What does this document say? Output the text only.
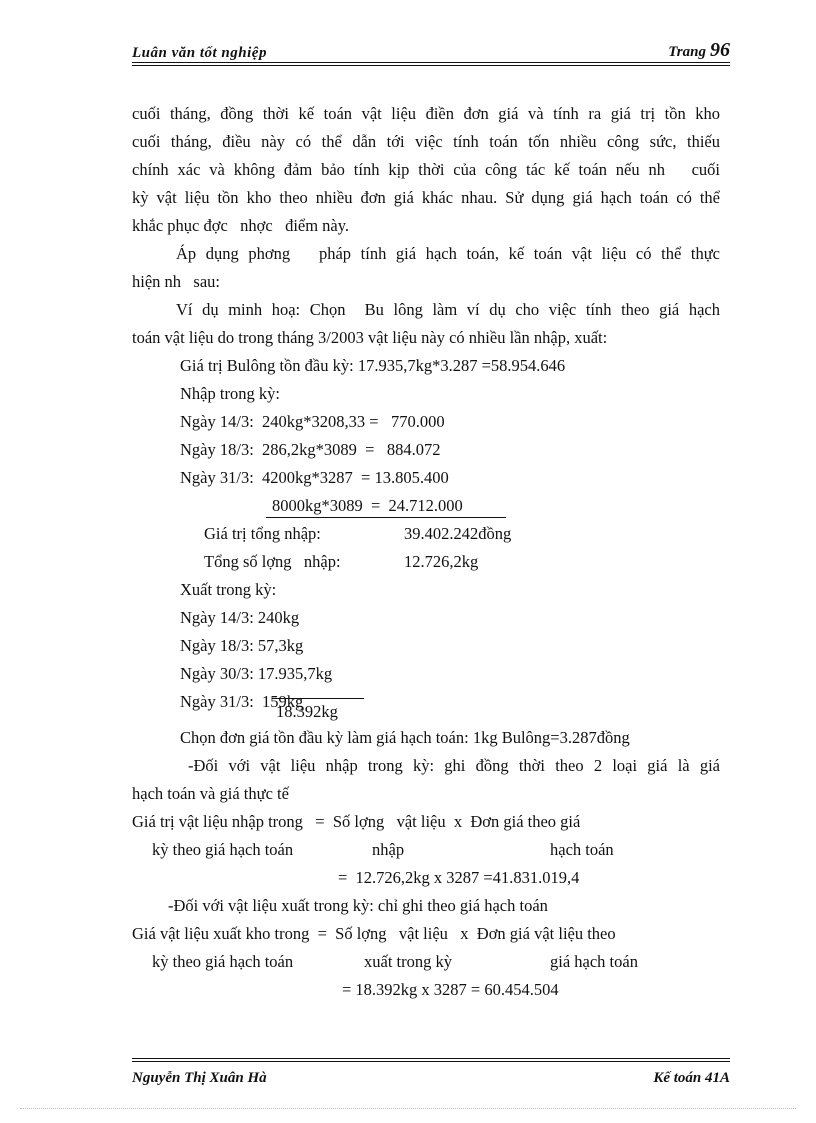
Luân văn tốt nghiệp	Trang 96
cuối tháng, đồng thời kế toán vật liệu điền đơn giá và tính ra giá trị tồn kho
cuối tháng, điều này có thể dẫn tới việc tính toán tốn nhiều công sức, thiếu
chính xác và không đảm bảo tính kịp thời của công tác kế toán nếu nh   cuối
kỳ vật liệu tồn kho theo nhiều đơn giá khác nhau. Sử dụng giá hạch toán có thể
khắc phục đợc   nhợc   điểm này.
Áp dụng phơng   pháp tính giá hạch toán, kế toán vật liệu có thể thực
hiện nh   sau:
Ví dụ minh hoạ: Chọn  Bu lông làm ví dụ cho việc tính theo giá hạch
toán vật liệu do trong tháng 3/2003 vật liệu này có nhiều lần nhập, xuất:
Giá trị Bulông tồn đầu kỳ: 17.935,7kg*3.287 =58.954.646
Nhập trong kỳ:
Ngày 14/3:  240kg*3208,33 =   770.000
Ngày 18/3:  286,2kg*3089  =   884.072
Ngày 31/3:  4200kg*3287  = 13.805.400
8000kg*3089  =  24.712.000
Giá trị tổng nhập:	39.402.242đồng
Tổng số lợng   nhập:	12.726,2kg
Xuất trong kỳ:
Ngày 14/3: 240kg
Ngày 18/3: 57,3kg
Ngày 30/3: 17.935,7kg
Ngày 31/3:  159kg
18.392kg
Chọn đơn giá tồn đầu kỳ làm giá hạch toán: 1kg Bulông=3.287đồng
-Đối với vật liệu nhập trong kỳ: ghi đồng thời theo 2 loại giá là giá
hạch toán và giá thực tế
Giá trị vật liệu nhập trong   =  Số lợng   vật liệu  x  Đơn giá theo giá
kỳ theo giá hạch toán	nhập	hạch toán
=  12.726,2kg x 3287 =41.831.019,4
-Đối với vật liệu xuất trong kỳ: chỉ ghi theo giá hạch toán
Giá vật liệu xuất kho trong  =  Số lợng   vật liệu   x  Đơn giá vật liệu theo
kỳ theo giá hạch toán	xuất trong kỳ	giá hạch toán
= 18.392kg x 3287 = 60.454.504
Nguyễn Thị Xuân Hà	Kế toán 41A
